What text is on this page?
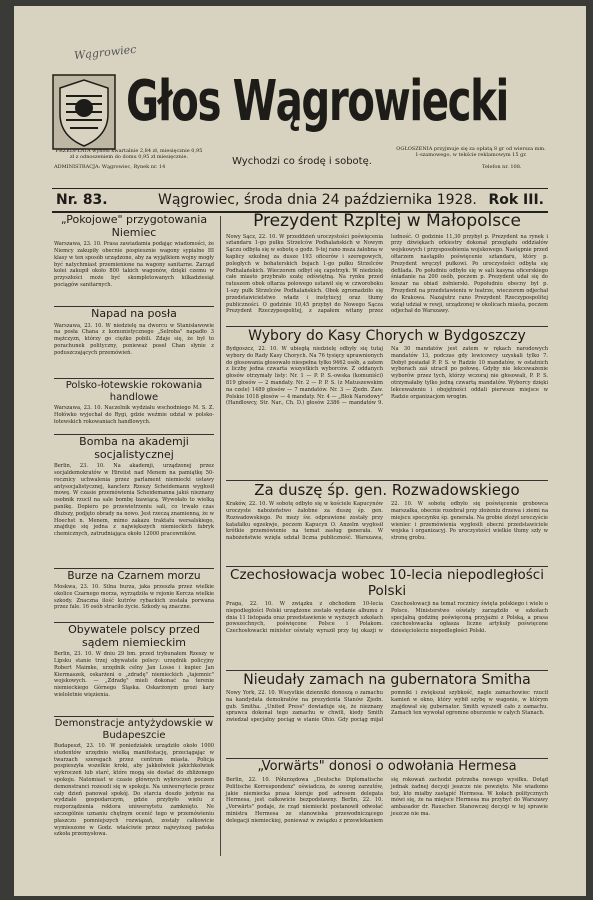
Wągrowiec
Głos Wągrowiecki
PRZEDPŁATA wynosi kwartalnie 2,84 zł, miesięcznie 0,95 zł z odnoszeniem do domu 0,95 zł miesięcznie.
OGŁOSZENIA przyjmuje się za opłatą 8 gr od wiersza mm. 1-szamowego, w tekście reklamowym 15 gr.
ADMINISTRACJA: Wągrowiec, Rynek nr. 14	Telefon nr. 108.
Wychodzi co środę i sobotę.
Nr. 83.	Wągrowiec, środa dnia 24 października 1928. Rok III.
„Pokojowe" przygotowania Niemiec
Warszawa, 23. 10. Prasa zawiadamia podając wiadomości, że Niemcy zakupiły obecnie pospiesznie wagony sypialne III klasy w ten sposób urządzone, aby za wyjątkiem wojny mogły być natychmiast przemienione na wagony sanitarne. Zarząd kolei zakupił około 800 takich wagonów, dzięki czemu w przyszłości może być skompletowanych kilkadziesiąt pociągów sanitarnych.
Napad na posła
Warszawa, 23. 10. W niedzielę na dworcu w Stanisławowie na posła Chana z komunistycznego „Selroba" napadło 3 mężczyzn, którzy go ciężko pobili. Zdaje się, że był to porachunek polityczny, ponieważ poseł Chan słynie z poduszczających przemówień.
Polsko-łotewskie rokowania handlowe
Warszawa, 23. 10. Naczelnik wydziału wschodniego M. S. Z. Hołówko wyjechał do Rygi, gdzie weźmie udział w polsko-łotewskich rokowaniach handlowych.
Bomba na akademji socjalistycznej
Berlin, 23. 10. Na akademji, urządzonej przez socjaldemokratów w Hireiist nad Menem na pamiątkę 50-rocznicy uchwalenia przez parlament niemiecki ustawy antysocjalistycznej, kanclerz Rzeszy Scheidemann wygłosił mowę. W czasie przemówienia Scheidemanna jakiś nieznany osobnik rzucił na sale bombę łzawiącą. Wywołało to wielką panikę. Dopiero po przewietrzeniu sali, co trwało czas dłuższy, podjęto obrady na nowo. Jest rzeczą znamienną, że w Hoechst n. Menem, mimo zakazu traktatu wersalskiego, znajduje się jedna z największych niemieckich fabryk chemicznych, zatrudniająca około 12000 pracowników.
Burze na Czarnem morzu
Moskwa, 23. 10. Silna burza, jaka przeszła przez wielkie okolice Czarnego morza, wyrządziła w rejonie Kercza wielkie szkody. Znaczna ilość kutrów rybackich została porwana przez fale. 16 osób straciło życie. Szkody są znaczne.
Obywatele polscy przed sądem niemieckim
Berlin, 23. 10. W dniu 29 bm. przed trybunałem Rzeszy w Lipsku stanie trzej obywatele polscy: urzędnik policyjny Robert Maimke, urzędnik celny Jan Losse i kupiec Jan Kiermaszek, oskarżeni o „zdradę" niemieckich „tajemnic" wojskowych. — „Zdradę" mieli dokonać na terenie niemieckiego Górnego Śląska. Oskarżonym grozi kary wieloletnie więzienia.
Demonstracje antyżydowskie w Budapeszcie
Budapeszt, 23. 10. W poniedziałek urządziło około 1000 studentów urzędnio wielką manifestację, przeciągając w twarzach szeregach przez centrum miasta. Policja pospieszyła wszelkie kroki, aby jakkolwiek jakichkolwiek wykroczeń lub starć, które mogą sie dostać do zbliżonego spokoju. Natomiast w czasie głównych wykroczeń poczem demonstranci rozeszli się w spokoju. Na uniwersytecie przez cały dzień panował spokój. Do starcia doszło jedynie na wydziale gospodarczym, gdzie przybyło wielu z rozporządzenia rektora uniwersytetu zamknięto. Ne szczególnie uznaniu chętnym ocenić tego w przemówieniu płaszczu pomniejszych rozwiązań, zostały całkowicie wymieszone w Godz. właściwie przez najwyższej pańska szkoła przemysłowa.
Prezydent Rzpltej w Małopolsce
Nowy Sącz, 22. 10. W przeddzień uroczystości poświęcenia sztandaru 1-go pułku Strzelców Podhalańskich w Nowym Sączu odbyła się w sobotę o godz. 9-tej rano msza żałobna w kaplicy szkolnej za dusze 193 oficerów i szeregowych, poległych w bohaterskich bojach 1-go pułku Strzelców Podhalańskich. Wieczorem odbył się capstrzyk. W niedzielę całe miasto przybrało szatę odświętną. Na rynku przed ratuszem obok ołtarza polowego ustawił się w czworoboku 1-szy pułk Strzelców Podhalańskich. Obok zgromadziło się przedstawicielstwo władz i instytucyj oraz tłumy publiczności. O godzinie 10,45 przybył do Nowego Sącza Prezydent Rzeczypospolitej, z zapałem witany przez ludność. O godzinie 11,30 przybył p. Prezydent na rynek i przy dźwiękach orkiestry dokonał przeglądu oddziałów wojskowych i przysposobienia wojskowego. Następnie przed ołtarzem nastąpiło poświęcenie sztandaru, który p. Prezydent wręczył pułkowi. Po uroczystości odbyła się defilada. Po południu odbyło się w sali kasyna oficerskiego śniadanie na 200 osób, poczem p. Prezydent udał się do koszar na obiad żołnierski. Popołudniu obecny był p. Prezydent na przedstawieniu w teatrze, wieczorem odjechał do Krakowa. Nazajutrz rano Prezydent Rzeczypospolitej wziął udział w rewji, urządzonej w okolicach miasta, poczem odjechał do Warszawy.
Wybory do Kasy Chorych w Bydgoszczy
Bydgoszcz, 22. 10. W ubiegłą niedzielę odbyły się tutaj wybory do Rady Kasy Chorych. Na 76 tysięcy uprawnionych do głosowania głosowało niespełna tylko 9462 osób, a zatem z liczby jedna czwarta wszystkich wyborców. Z oddanych głosów otrzymały listy: Nr. 1 — P. P. S.-owska (komuniści) 819 głosów — 2 mandaty. Nr. 2 — P. P. S. (z Matuszewskim na czele) 1489 głosów — 7 mandatów. Nr. 3 — Zjedn. Zaw. Polskie 1018 głosów — 4 mandaty. Nr. 4 — „Blok Narodowy" (Handlowcy, Str. Nar., Ch. D.) głosów 2386 — mandatów 9. Na 30 mandatów jest zatem w rękach narodowych mandatów 13, podczas gdy lewicowcy uzyskali tylko 7. Dobył posiadał P. P. S. w Radzie 10 mandatów, w ostatnich wyborach zaś utracił po połowę. Gdyby nie lekceważenie wyborów przez tych, którzy wczoraj nie głosowali, P. P. S. otrzymałaby tylko jedną czwartą mandatów. Wyborcy dzięki lekceważeniu i obojętności oddali pierwsze miejsce w Radzie organizacjom wrogim.
Za duszę śp. gen. Rozwadowskiego
Kraków, 22. 10. W sobotę odbyło się w kościele Kapucynów uroczyste nabożeństwo żałobne za duszę śp. gen. Rozwadowskiego. Po mszy św. odprawione zostały przy katafalku egzekwje, poczem Kapucyn O. Anzelm wygłosił krótkie przemówienie na temat zasług generała. W nabożeństwie wzięła udział liczna publiczność. Warszawa, 22. 10. W sobotę odbyło się poświęcenie grobowca marszałka, obecnie rozebrał przy złożeniu drzewa i ziemi na miejscu spoczynku śp. generała. Na grobie złożył uroczyście wieniec i przemówienia wygłosili obecni przedstawiciele wojska i organizacyj. Po uroczystości wielkie tłumy szły w stronę grobu.
Czechosłowacja wobec 10-lecia niepodległości Polski
Praga, 22. 10. W związku z obchodem 10-lecia niepodległości Polski urządzone zostało wydanie albumu z dnia 11 listopada oraz przedstawienie w wyższych szkołach powszechnych, poświęcone Polsce i Polakom. Czechosłowacki minister oświaty wyraził przy tej okazji w Czechosłowacji na temat rocznicy święta polskiego i wiele o Polsce. Ministerstwo oświaty zarządziło w szkołach specjalną godzinę poświęconą przyjaźni z Polską, a prasa czechosłowacka ogłasza liczne artykuły poświęcone dziesięcioleciu niepodległości Polski.
Nieudały zamach na gubernatora Smitha
Nowy York, 22. 10. Wszystkie dzienniki donoszą o zamachu na kandydata demokratów na prezydenta Stanów Zjedn. gub. Smitha. „United Press" dowiaduje się, że nieznany sprawca dokonał tego zamachu w chwili, kiedy Smith zwiedzał specjalny pociąg w stanie Ohio. Gdy pociąg mijał pomniki i zwiększał szybkość, nagle zamachowiec rzucił kamień w okno, który wybił szybę w wagonie, w którym znajdował się gubernator. Smith wyszedł cało z zamachu. Zamach ten wywołał ogromne oburzenie w całych Stanach.
„Vorwärts" donosi o odwołania Hermesa
Berlin, 22. 10. Półurzędowa „Deutsche Diplomatische Politische Korrespondenz" oświadcza, że szereg zarzutów, jakie niemiecka prasa kieruje pod adresem delegata Hermesa, jest całkowicie bezpodstawny. Berlin, 22. 10. „Vorwärts" podaje, że rząd niemiecki postanowił odwołać ministra Hermesa ze stanowiska przewodniczącego delegacji niemieckiej, ponieważ w związku z przewlekaniem się rokowań zachodzi potrzeba nowego wysiłku. Dotąd jednak żadnej decyzji jeszcze nie powzięto. Nie wiadomo też, kto miałby zastąpić Hermesa. W kołach politycznych mówi się, że na miejsce Hermesa ma przybyć do Warszawy ambasador dr. Rauscher. Stanowczej decyzji w tej sprawie jeszcze nie ma.
